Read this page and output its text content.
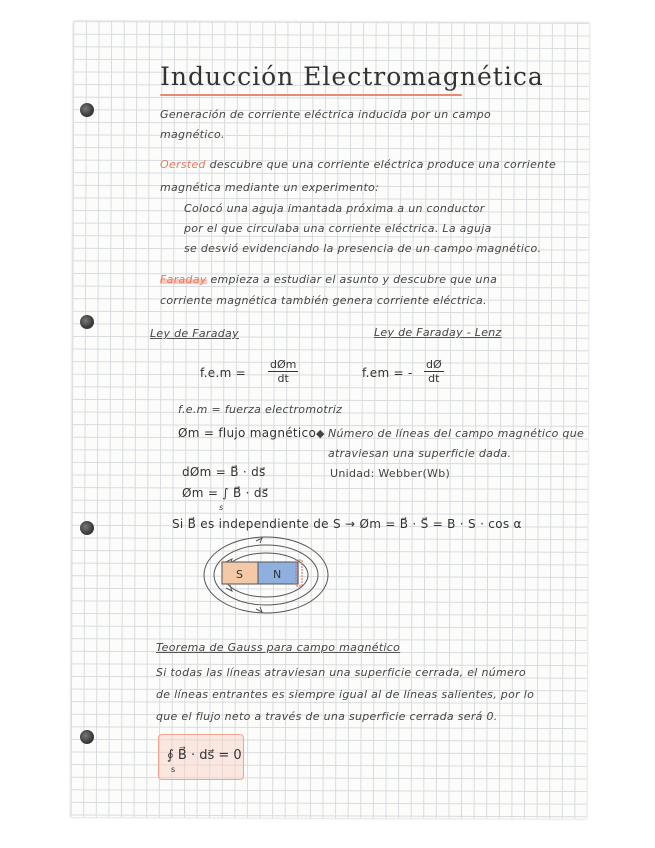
Inducción Electromagnética
Generación de corriente eléctrica inducida por un campo
magnético.
Oersted descubre que una corriente eléctrica produce una corriente
magnética mediante un experimento:
Colocó una aguja imantada próxima a un conductor
por el que circulaba una corriente eléctrica. La aguja
se desvió evidenciando la presencia de un campo magnético.
Faraday empieza a estudiar el asunto y descubre que una
corriente magnética también genera corriente eléctrica.
Ley de Faraday	Ley de Faraday - Lenz
f.e.m =
dØm
dt	f.em = - $\frac{dØ}{dt}$
f.e.m = fuerza electromotriz
Øm = flujo magnético ◆ Número de líneas del campo magnético que
atraviesan una superficie dada.
Unidad: Webber(Wb)
dØm = B⃗ · ds⃗
Øm = ∫ B⃗ · ds⃗
s
Si B⃗ es independiente de S → Øm = B⃗ · S⃗ = B · S · cos α
S	N
Teorema de Gauss para campo magnético
Si todas las líneas atraviesan una superficie cerrada, el número
de líneas entrantes es siempre igual al de líneas salientes, por lo
que el flujo neto a través de una superficie cerrada será 0.
∮ B⃗ · ds⃗ = 0
s
